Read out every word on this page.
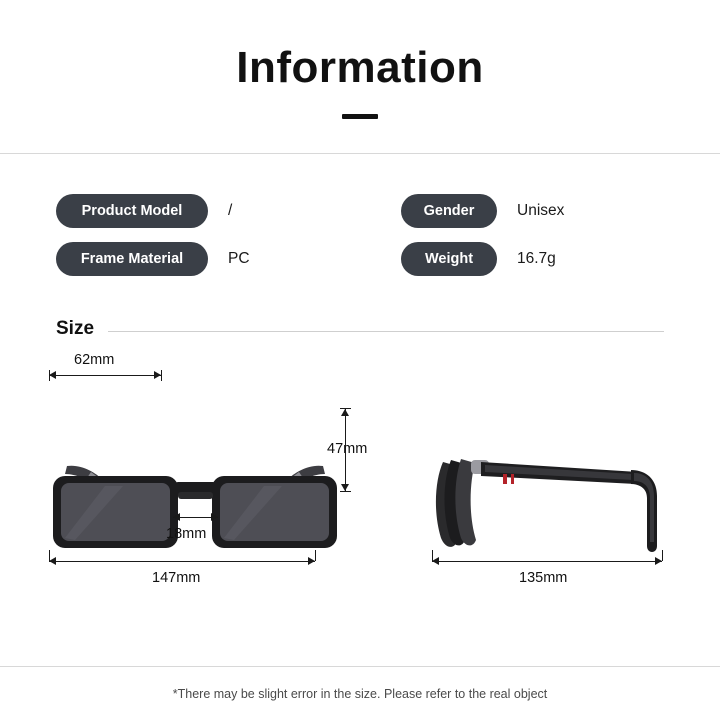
Information
Product Model	/
Frame Material	PC
Gender	Unisex
Weight	16.7g
Size
62mm
47mm
18mm
147mm	135mm
*There may be slight error in the size. Please refer to the real object
